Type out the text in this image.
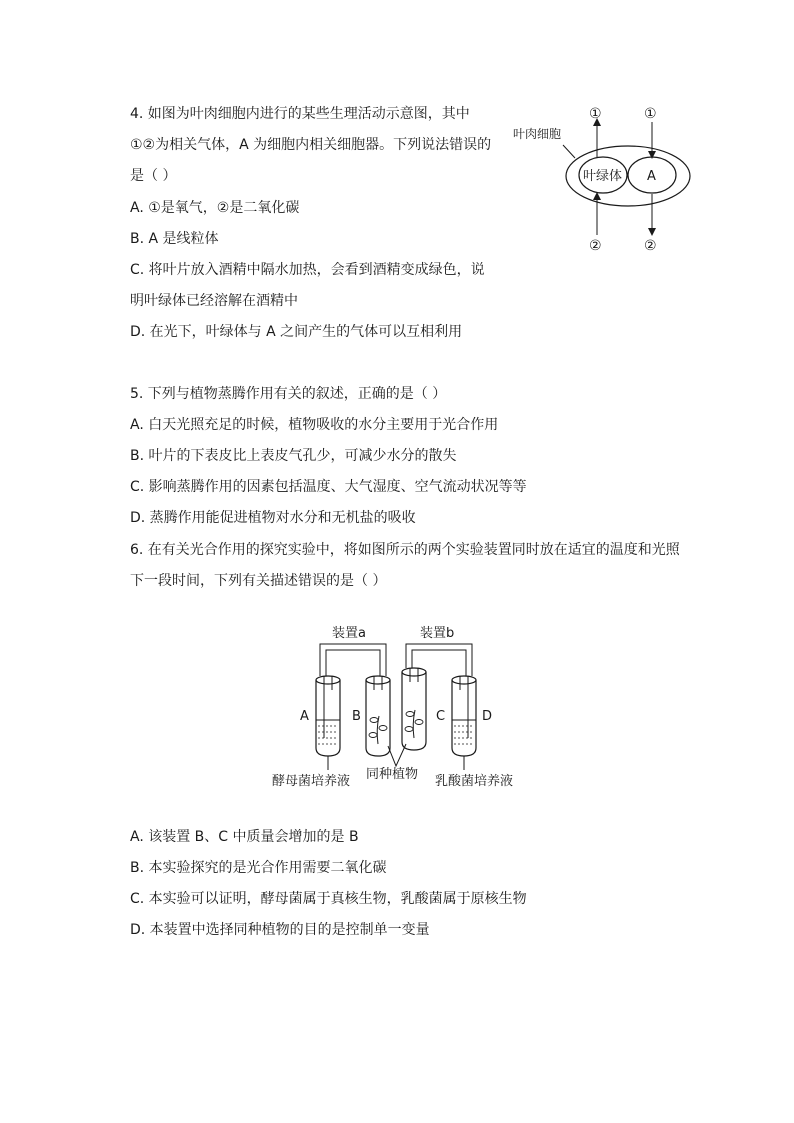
4. 如图为叶肉细胞内进行的某些生理活动示意图，其中
①②为相关气体，A 为细胞内相关细胞器。下列说法错误的
是（ ）
A. ①是氧气，②是二氧化碳
B. A 是线粒体
C. 将叶片放入酒精中隔水加热，会看到酒精变成绿色，说
明叶绿体已经溶解在酒精中
D. 在光下，叶绿体与 A 之间产生的气体可以互相利用
叶肉细胞
叶绿体 A
①	①
②	②
5. 下列与植物蒸腾作用有关的叙述，正确的是（ ）
A. 白天光照充足的时候，植物吸收的水分主要用于光合作用
B. 叶片的下表皮比上表皮气孔少，可减少水分的散失
C. 影响蒸腾作用的因素包括温度、大气湿度、空气流动状况等等
D. 蒸腾作用能促进植物对水分和无机盐的吸收
6. 在有关光合作用的探究实验中，将如图所示的两个实验装置同时放在适宜的温度和光照
下一段时间，下列有关描述错误的是（ ）
装置a	装置b
A	B	C	D
酵母菌培养液 同种植物 乳酸菌培养液
A. 该装置 B、C 中质量会增加的是 B
B. 本实验探究的是光合作用需要二氧化碳
C. 本实验可以证明，酵母菌属于真核生物，乳酸菌属于原核生物
D. 本装置中选择同种植物的目的是控制单一变量
